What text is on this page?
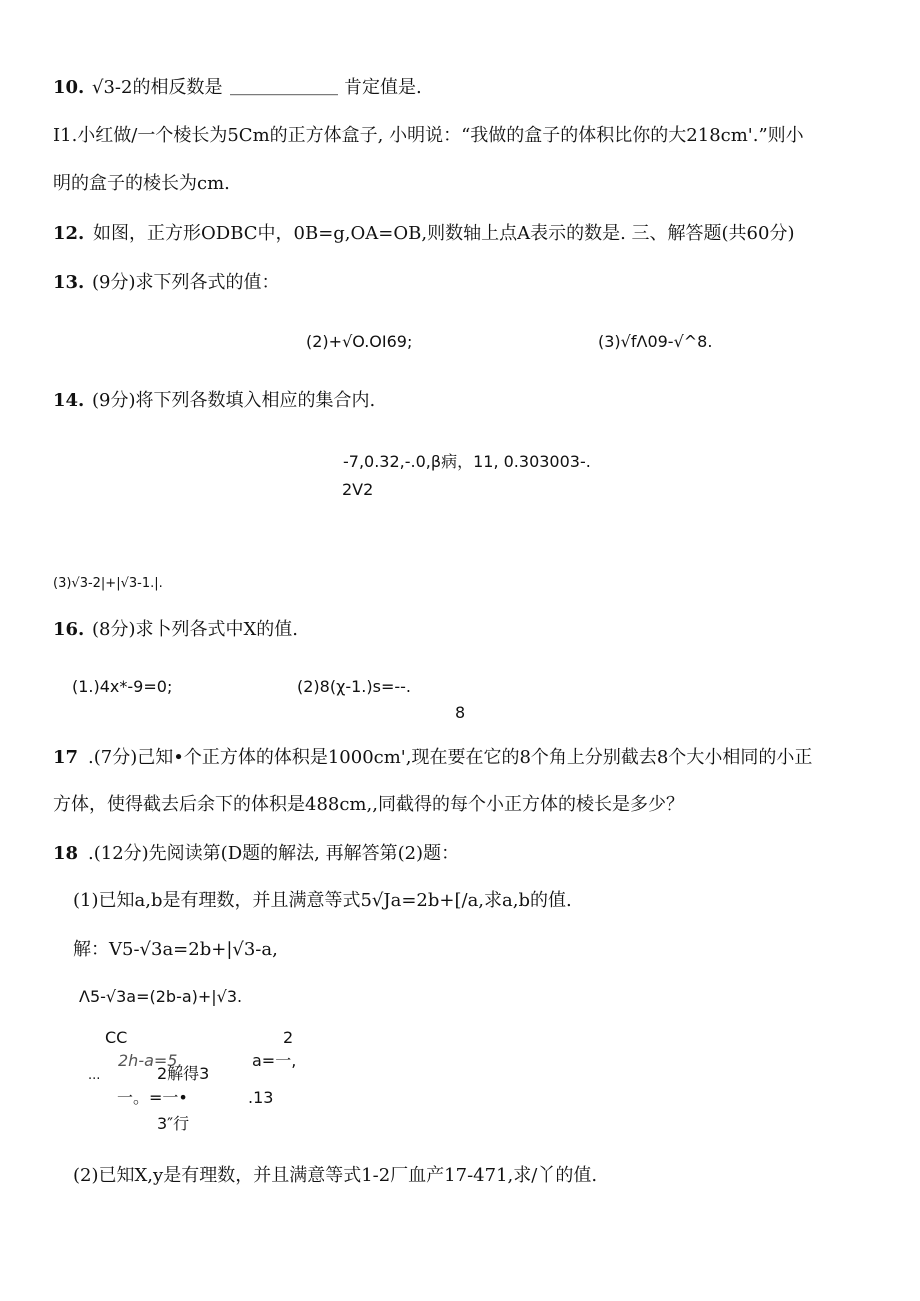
10. √3-2的相反数是 ____________ 肯定值是.
I1.小红做/一个棱长为5Cm的正方体盒子, 小明说：“我做的盒子的体积比你的大218cm'.”则小
明的盒子的棱长为cm.
12. 如图，正方形ODBC中，0B=g,OA=OB,则数轴上点A表示的数是. 三、解答题(共60分)
13. (9分)求下列各式的值：
(2)+√O.OI69;	(3)√fΛ09-√^8.
14. (9分)将下列各数填入相应的集合内.
-7,0.32,-.0,β病，11, 0.303003-.
2V2
(3)√3-2|+|√3-1.|.
16. (8分)求卜列各式中X的值.
(1.)4x*-9=0;	(2)8(χ-1.)s=--.
8
17 .(7分)己知•个正方体的体积是1000cm',现在要在它的8个角上分别截去8个大小相同的小正
方体，使得截去后余下的体积是488cm,,同截得的每个小正方体的棱长是多少？
18 .(12分)先阅读第(D题的解法, 再解答第(2)题：
(1)已知a,b是有理数，并且满意等式5√Ja=2b+[/a,求a,b的值.
解：V5-√3a=2b+|√3-a,
Λ5-√3a=(2b-a)+|√3.
CC	2
2h-a=5,	a=一,
...	2解得3
一。=一•	.13
3″行
(2)已知X,y是有理数，并且满意等式1-2厂血产17-471,求/丫的值.
